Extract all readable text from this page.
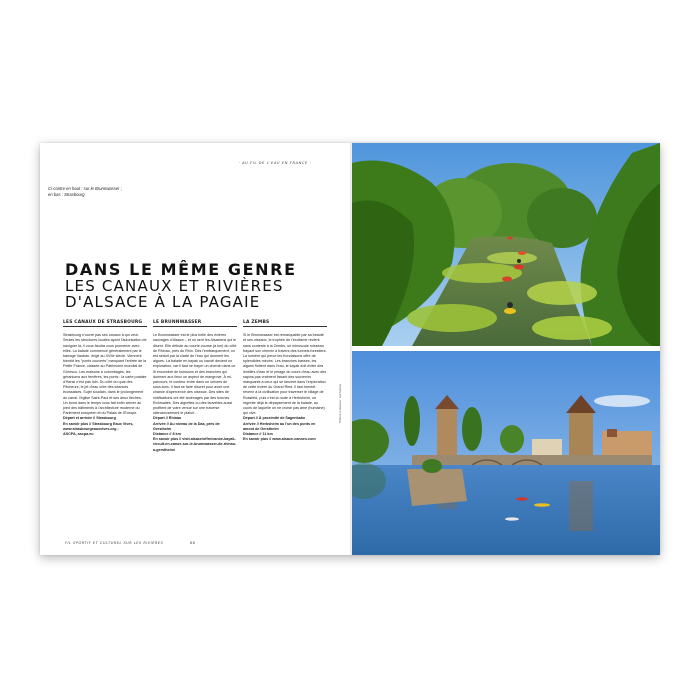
· AU FIL DE L'EAU EN FRANCE ·
Ci-contre en haut : sur le Brunnwasser ;
en bas : Strasbourg
DANS LE MÊME GENRE
LES CANAUX ET RIVIÈRES
D'ALSACE À LA PAGAIE
LES CANAUX DE STRASBOURG
Strasbourg n'ouvre pas ses canaux à qui veut. Seules les structures locales ayant l'autorisation de naviguer là, il vous faudra vous promener avec elles. La balade commence généralement par le barrage Vauban, érigé au XVIIe siècle. Viennent bientôt les "ponts couverts" marquant l'entrée de la Petite France, classée au Patrimoine mondial de l'Unesco. Les maisons à colombages, les géraniums aux fenêtres, les ponts : la carte postale d'Hansi n'est pas loin. Du côté du quai des Pêcheurs, le jet d'eau crée des séances écossaises. Sujet soudain, dans le prolongement du canal, l'église Saint-Paul et ses deux flèches. Un bond dans le temps vous fait enfin arriver au pied des bâtiments à l'architecture moderne du Parlement européen et du Palais de l'Europe.
Départ et arrivée // Strasbourg
En savoir plus // Strasbourg Eaux Vives, www.strasbourgeauxvives.org ;
ASCPA, ascpa.eu
LE BRUNNWASSER
Le Brunnwasser est le plus belle des rivières sauvages d'Alsace – et on sent les Alsaciens qui le disent. Elle débute au courte course (à km) du côté de Rhinau, près du Rhin. Dès l'embarquement, on est séduit par la clarté de l'eau qui donnent les algues. La balade en kayak ou canoë devient un exploration, car il faut se frayer un chemin dans ce lit encombré de buissons et des branches qui donnent aux lieux un aspect de mangrove. À mi-parcours, le conteur entre dans un univers de sous-bois. Il faut se faire discret pour avoir une chance d'apercevoir des oiseaux. Des sites de nidifications ont été aménagés par des bonnes Rohrsaites. Des aigrettes ou des fauvettes aussi profitent de votre venue sur une traverse silencieusement le plaisir…
Départ // Rhinau
Arrivée // Au niveau de la Daa, près de Gerstheim
Distance // 8 km
En savoir plus // visit.alsace/offre/canoe-kayak-circuit-en-canoe-sur-le-brunnwasser-de-rhinau-a-gerstheim/
LA ZEMBS
Si le Brunnwasser est remarquable par sa beauté et ses oiseaux, le trophée de l'exotisme revient sans conteste à la Zembs, un minuscule ruisseau frayant son chemin à travers des tunnels forestiers. La lumière qui perce les frondaisons offre de splendides miroirs. Les branches basses, les algues flottent dans l'eau, le kayak doit éviter des lentilles d'eau et le pinage du cours d'eau avec des sapins pas vraiment lissant des souvenirs marquants à ceux qui se lancent dans l'exploration de cette rivière du Grand Ried. Il faut bientôt revenir à la civilisation pour traverser le village de Rossfeld, puis c'est la route à Herbsheim, on regrette déjà le dépaysement de la balade, au cours de laquelle on ne croise pas âme (humaine) qui vive.
Départ // À proximité de Sagenbahn
Arrivée // Herbsheim au l'un des ponts en amont de Gerstheim
Distance // 11 km
En savoir plus // www.alsace-canoes.com
FIL SPORTIF ET CULTUREL SUR LES RIVIÈRES	88
Phôtos ci-dessus : Ed Adams
